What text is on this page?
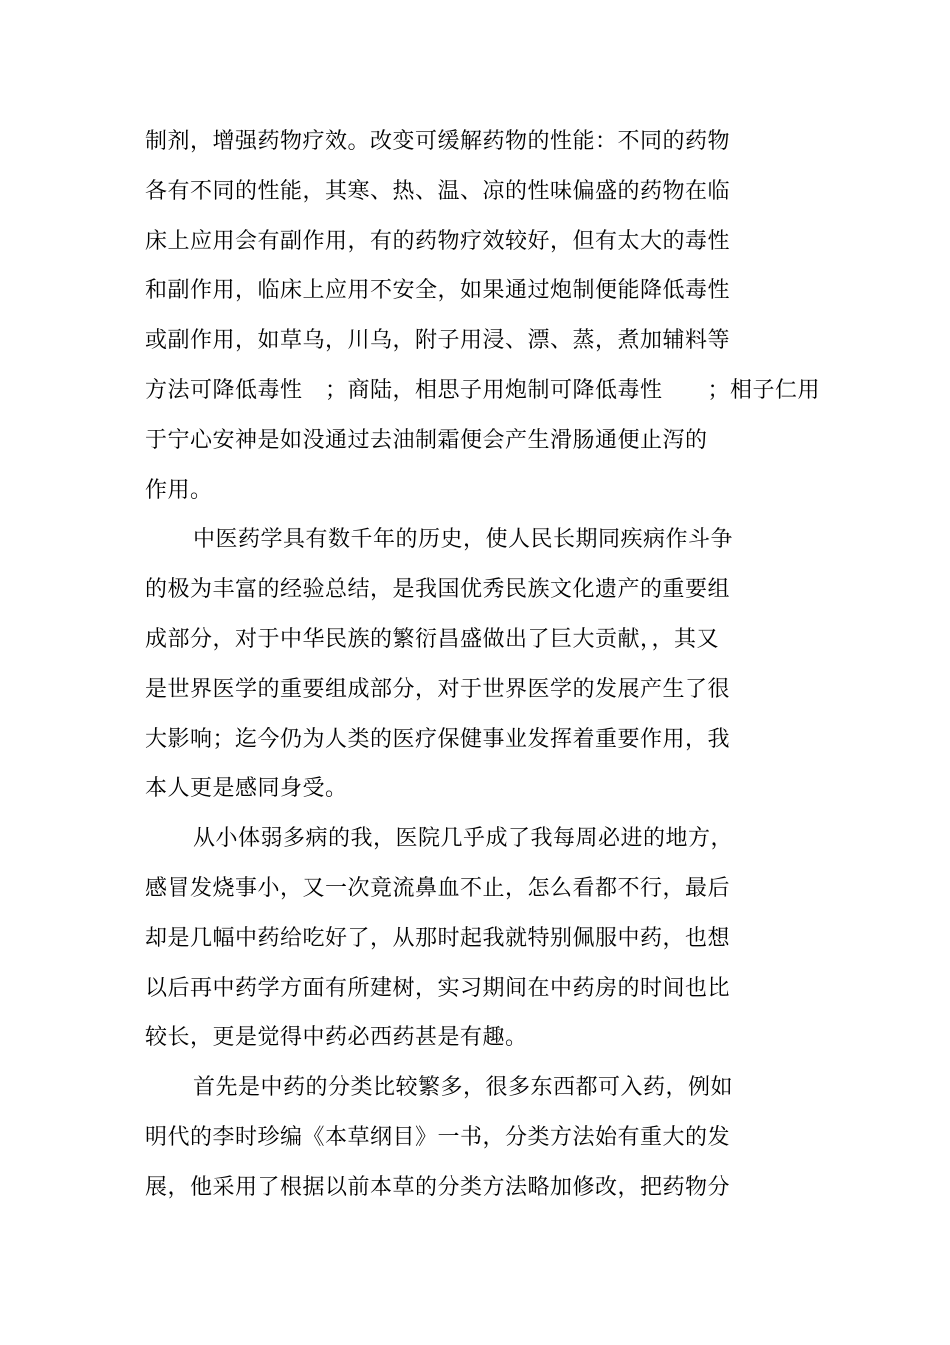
制剂，增强药物疗效。改变可缓解药物的性能：不同的药物
各有不同的性能，其寒、热、温、凉的性味偏盛的药物在临
床上应用会有副作用，有的药物疗效较好，但有太大的毒性
和副作用，临床上应用不安全，如果通过炮制便能降低毒性
或副作用，如草乌，川乌，附子用浸、漂、蒸，煮加辅料等
方法可降低毒性   ；商陆，相思子用炮制可降低毒性      ；相子仁用
于宁心安神是如没通过去油制霜便会产生滑肠通便止泻的
作用。
中医药学具有数千年的历史，使人民长期同疾病作斗争
的极为丰富的经验总结，是我国优秀民族文化遗产的重要组
成部分，对于中华民族的繁衍昌盛做出了巨大贡献，，其又
是世界医学的重要组成部分，对于世界医学的发展产生了很
大影响；迄今仍为人类的医疗保健事业发挥着重要作用，我
本人更是感同身受。
从小体弱多病的我，医院几乎成了我每周必进的地方，
感冒发烧事小，又一次竟流鼻血不止，怎么看都不行，最后
却是几幅中药给吃好了，从那时起我就特别佩服中药，也想
以后再中药学方面有所建树，实习期间在中药房的时间也比
较长，更是觉得中药必西药甚是有趣。
首先是中药的分类比较繁多，很多东西都可入药，例如
明代的李时珍编《本草纲目》一书，分类方法始有重大的发
展，他采用了根据以前本草的分类方法略加修改，把药物分
